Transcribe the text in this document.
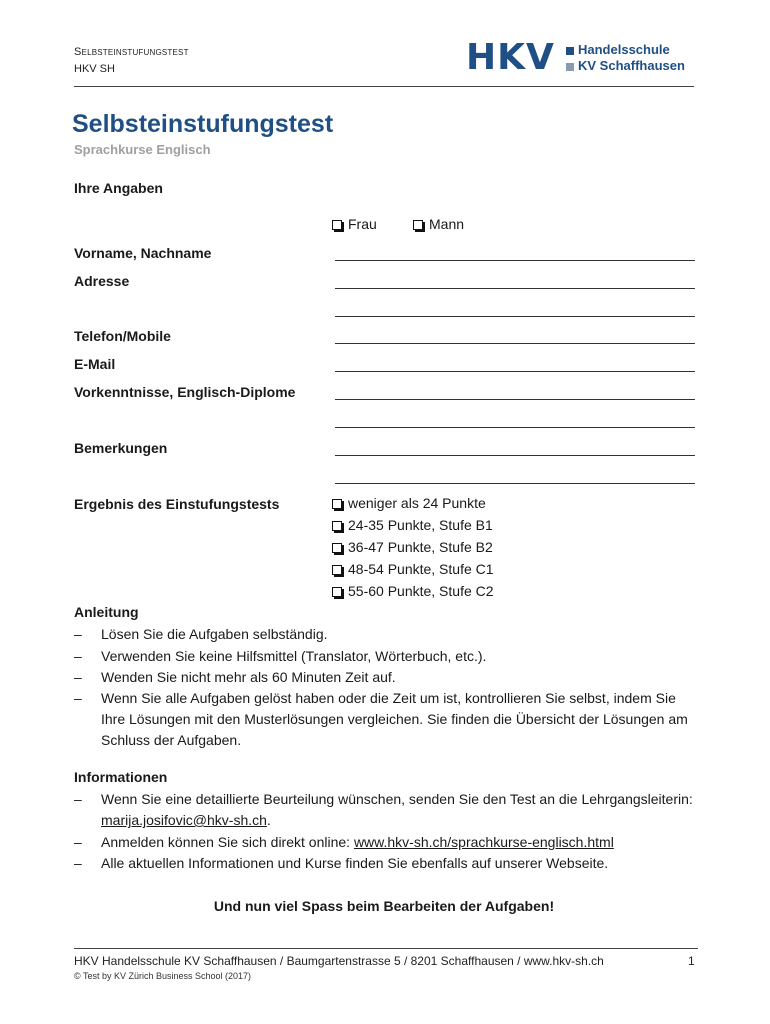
Selbsteinstufungstest
HKV SH	HKV	Handelsschule
KV Schaffhausen
Selbsteinstufungstest
Sprachkurse Englisch
Ihre Angaben
Frau	Mann
Vorname, Nachname
Adresse
Telefon/Mobile
E-Mail
Vorkenntnisse, Englisch-Diplome
Bemerkungen
Ergebnis des Einstufungstests	weniger als 24 Punkte
24-35 Punkte, Stufe B1
36-47 Punkte, Stufe B2
48-54 Punkte, Stufe C1
55-60 Punkte, Stufe C2
Anleitung
– Lösen Sie die Aufgaben selbständig.
– Verwenden Sie keine Hilfsmittel (Translator, Wörterbuch, etc.).
– Wenden Sie nicht mehr als 60 Minuten Zeit auf.
– Wenn Sie alle Aufgaben gelöst haben oder die Zeit um ist, kontrollieren Sie selbst, indem Sie Ihre Lösungen mit den Musterlösungen vergleichen. Sie finden die Übersicht der Lösungen am Schluss der Aufgaben.
Informationen
– Wenn Sie eine detaillierte Beurteilung wünschen, senden Sie den Test an die Lehrgangsleiterin: marija.josifovic@hkv-sh.ch.
– Anmelden können Sie sich direkt online: www.hkv-sh.ch/sprachkurse-englisch.html
– Alle aktuellen Informationen und Kurse finden Sie ebenfalls auf unserer Webseite.
Und nun viel Spass beim Bearbeiten der Aufgaben!
HKV Handelsschule KV Schaffhausen / Baumgartenstrasse 5 / 8201 Schaffhausen / www.hkv-sh.ch	1
© Test by KV Zürich Business School (2017)
